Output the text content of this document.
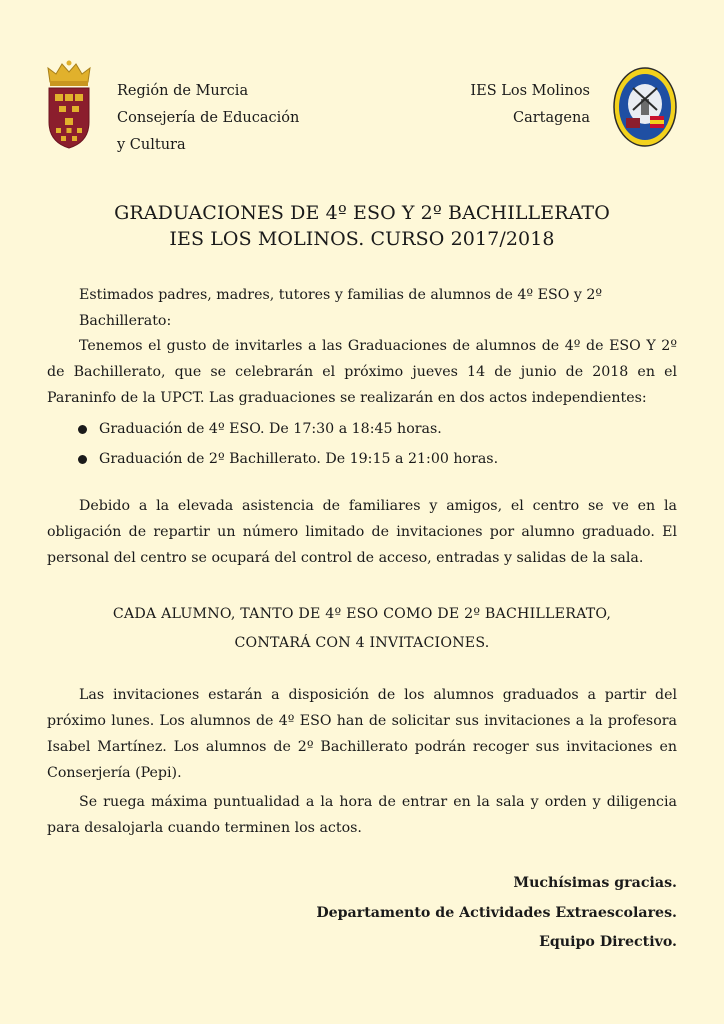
Región de Murcia
Consejería de Educación
y Cultura
IES Los Molinos
Cartagena
GRADUACIONES DE 4º ESO Y 2º BACHILLERATO
IES LOS MOLINOS. CURSO 2017/2018
Estimados padres, madres, tutores y familias de alumnos de 4º ESO y 2º Bachillerato:
Tenemos el gusto de invitarles a las Graduaciones de alumnos de 4º de ESO Y 2º de Bachillerato, que se celebrarán el próximo jueves 14 de junio de 2018 en el Paraninfo de la UPCT. Las graduaciones se realizarán en dos actos independientes:
Graduación de 4º ESO. De 17:30 a 18:45 horas.
Graduación de 2º Bachillerato. De 19:15 a 21:00 horas.
Debido a la elevada asistencia de familiares y amigos, el centro se ve en la obligación de repartir un número limitado de invitaciones por alumno graduado. El personal del centro se ocupará del control de acceso, entradas y salidas de la sala.
CADA ALUMNO, TANTO DE 4º ESO COMO DE 2º BACHILLERATO,
CONTARÁ CON 4 INVITACIONES.
Las invitaciones estarán a disposición de los alumnos graduados a partir del próximo lunes. Los alumnos de 4º ESO han de solicitar sus invitaciones a la profesora Isabel Martínez. Los alumnos de 2º Bachillerato podrán recoger sus invitaciones en Conserjería (Pepi).
Se ruega máxima puntualidad a la hora de entrar en la sala y orden y diligencia para desalojarla cuando terminen los actos.
Muchísimas gracias.
Departamento de Actividades Extraescolares.
Equipo Directivo.
